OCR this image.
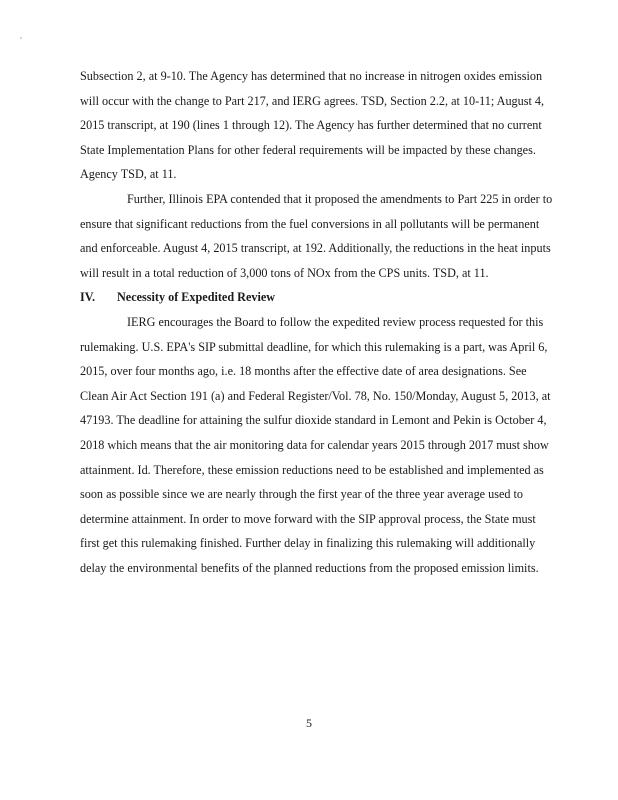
Subsection 2, at 9-10. The Agency has determined that no increase in nitrogen oxides emission
will occur with the change to Part 217, and IERG agrees. TSD, Section 2.2, at 10-11; August 4,
2015 transcript, at 190 (lines 1 through 12). The Agency has further determined that no current
State Implementation Plans for other federal requirements will be impacted by these changes.
Agency TSD, at 11.
Further, Illinois EPA contended that it proposed the amendments to Part 225 in order to
ensure that significant reductions from the fuel conversions in all pollutants will be permanent
and enforceable. August 4, 2015 transcript, at 192. Additionally, the reductions in the heat inputs
will result in a total reduction of 3,000 tons of NOx from the CPS units. TSD, at 11.
IV. Necessity of Expedited Review
IERG encourages the Board to follow the expedited review process requested for this
rulemaking. U.S. EPA's SIP submittal deadline, for which this rulemaking is a part, was April 6,
2015, over four months ago, i.e. 18 months after the effective date of area designations. See
Clean Air Act Section 191 (a) and Federal Register/Vol. 78, No. 150/Monday, August 5, 2013, at
47193. The deadline for attaining the sulfur dioxide standard in Lemont and Pekin is October 4,
2018 which means that the air monitoring data for calendar years 2015 through 2017 must show
attainment. Id. Therefore, these emission reductions need to be established and implemented as
soon as possible since we are nearly through the first year of the three year average used to
determine attainment. In order to move forward with the SIP approval process, the State must
first get this rulemaking finished. Further delay in finalizing this rulemaking will additionally
delay the environmental benefits of the planned reductions from the proposed emission limits.
5
